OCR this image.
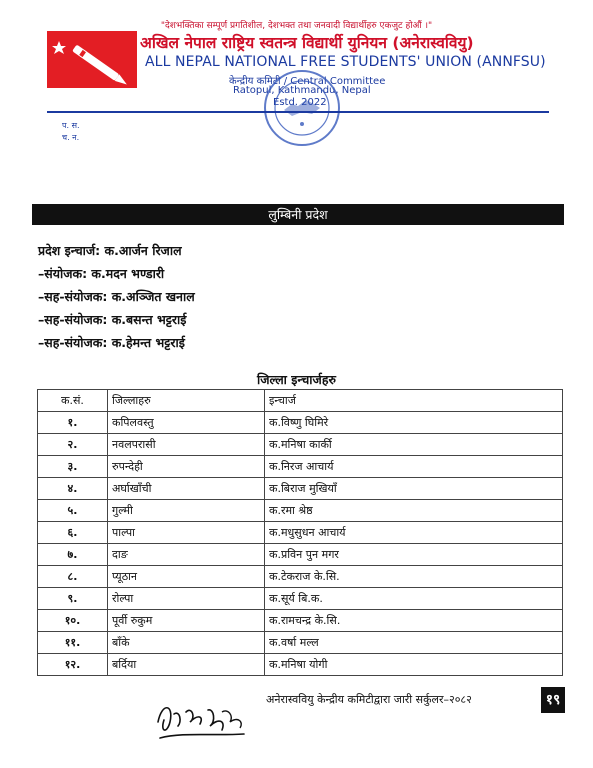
"देशभक्तिका सम्पूर्ण प्रगतिशील, देशभक्त तथा जनवादी विद्यार्थीहरु एकजुट होऔं ।"
अखिल नेपाल राष्ट्रिय स्वतन्त्र विद्यार्थी युनियन (अनेरास्ववियु)
ALL NEPAL NATIONAL FREE STUDENTS' UNION (ANNFSU)
केन्द्रीय कमिटी / Central Committee
Ratopul, Kathmandu, Nepal
Estd. 2022
प. स.
च. न.
लुम्बिनी प्रदेश
प्रदेश इन्चार्ज: क.आर्जन रिजाल
–संयोजक: क.मदन भण्डारी
–सह-संयोजक: क.अञ्जित खनाल
–सह-संयोजक: क.बसन्त भट्टराई
–सह-संयोजक: क.हेमन्त भट्टराई
जिल्ला इन्चार्जहरु
क.सं.	जिल्लाहरु	इन्चार्ज
१.	कपिलवस्तु	क.विष्णु घिमिरे
२.	नवलपरासी	क.मनिषा कार्की
३.	रुपन्देही	क.निरज आचार्य
४.	अर्घाखाँची	क.बिराज मुखियाँ
५.	गुल्मी	क.रमा श्रेष्ठ
६.	पाल्पा	क.मधुसुधन आचार्य
७.	दाङ	क.प्रविन पुन मगर
८.	प्यूठान	क.टेकराज के.सि.
९.	रोल्पा	क.सूर्य बि.क.
१०.	पूर्वी रुकुम	क.रामचन्द्र के.सि.
११.	बाँके	क.वर्षा मल्ल
१२.	बर्दिया	क.मनिषा योगी
अनेरास्ववियु केन्द्रीय कमिटीद्वारा जारी सर्कुलर–२०८२	१९
